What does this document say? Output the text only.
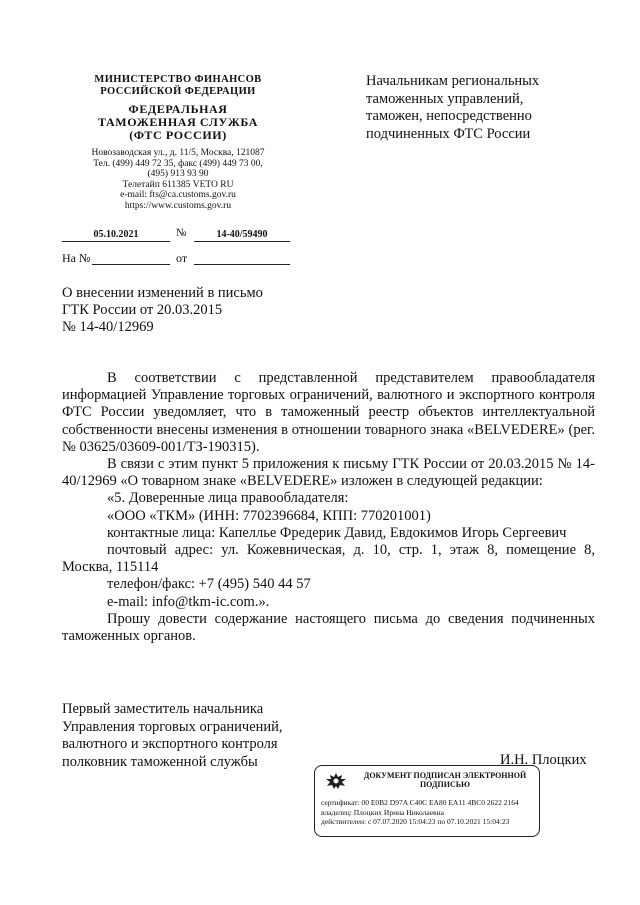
МИНИСТЕРСТВО ФИНАНСОВ
РОССИЙСКОЙ ФЕДЕРАЦИИ
ФЕДЕРАЛЬНАЯ
ТАМОЖЕННАЯ СЛУЖБА
(ФТС РОССИИ)
Новозаводская ул., д. 11/5, Москва, 121087
Тел. (499) 449 72 35, факс (499) 449 73 00,
(495) 913 93 90
Телетайп 611385 VETO RU
e-mail: fts@ca.customs.gov.ru
https://www.customs.gov.ru
05.10.2021	№	14-40/59490
На №	от
Начальникам региональных
таможенных управлений,
таможен, непосредственно
подчиненных ФТС России
О внесении изменений в письмо
ГТК России от 20.03.2015
№ 14-40/12969

В соответствии с представленной представителем правообладателя информацией Управление торговых ограничений, валютного и экспортного контроля ФТС России уведомляет, что в таможенный реестр объектов интеллектуальной собственности внесены изменения в отношении товарного знака «BELVEDERE» (рег. № 03625/03609-001/ТЗ-190315).

В связи с этим пункт 5 приложения к письму ГТК России от 20.03.2015 № 14-40/12969 «О товарном знаке «BELVEDERE» изложен в следующей редакции:

«5. Доверенные лица правообладателя:

«ООО «ТКМ» (ИНН: 7702396684, КПП: 770201001)

контактные лица: Капеллье Фредерик Давид, Евдокимов Игорь Сергеевич

почтовый адрес: ул. Кожевническая, д. 10, стр. 1, этаж 8, помещение 8, Москва, 115114

телефон/факс: +7 (495) 540 44 57

e-mail: info@tkm-ic.com.».

Прошу довести содержание настоящего письма до сведения подчиненных таможенных органов.

Первый заместитель начальника
Управления торговых ограничений,
валютного и экспортного контроля
полковник таможенной службы	И.Н. Плоцких
ДОКУМЕНТ ПОДПИСАН ЭЛЕКТРОННОЙ ПОДПИСЬЮ
сертификат: 00 E0B2 D97A C40C EA80 EA11 4BC0 2622 2164
владелец: Плоцких Ирина Николаевна
действителен: с 07.07.2020 15:04:23 по 07.10.2021 15:04:23
